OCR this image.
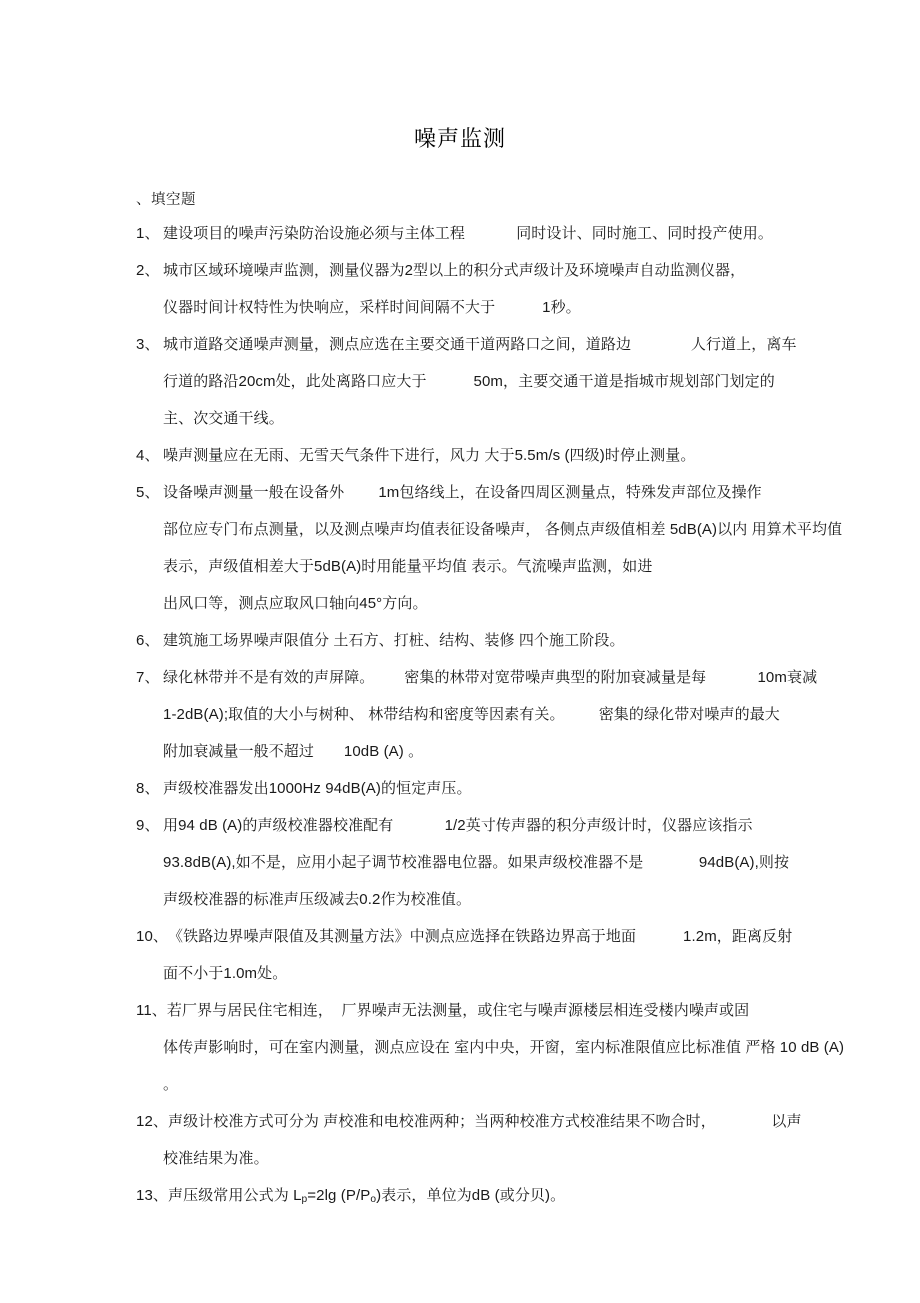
噪声监测
、填空题
1、 建设项目的噪声污染防治设施必须与主体工程            同时设计、同时施工、同时投产使用。
2、 城市区域环境噪声监测，测量仪器为2型以上的积分式声级计及环境噪声自动监测仪器，
仪器时间计权特性为快响应，采样时间间隔不大于           1秒。
3、 城市道路交通噪声测量，测点应选在主要交通干道两路口之间，道路边              人行道上，离车
行道的路沿20cm处，此处离路口应大于           50m，主要交通干道是指城市规划部门划定的
主、次交通干线。
4、 噪声测量应在无雨、无雪天气条件下进行，风力 大于5.5m/s (四级)时停止测量。
5、 设备噪声测量一般在设备外        1m包络线上，在设备四周区测量点，特殊发声部位及操作
部位应专门布点测量，以及测点噪声均值表征设备噪声， 各侧点声级值相差 5dB(A)以内 用算术平均值
表示，声级值相差大于5dB(A)时用能量平均值 表示。气流噪声监测，如进
出风口等，测点应取风口轴向45°方向。
6、 建筑施工场界噪声限值分 土石方、打桩、结构、装修 四个施工阶段。
7、 绿化林带并不是有效的声屏障。       密集的林带对宽带噪声典型的附加衰减量是每            10m衰减
1-2dB(A);取值的大小与树种、 林带结构和密度等因素有关。        密集的绿化带对噪声的最大
附加衰减量一般不超过       10dB (A) 。
8、 声级校准器发出1000Hz 94dB(A)的恒定声压。
9、 用94 dB (A)的声级校准器校准配有            1/2英寸传声器的积分声级计时，仪器应该指示
93.8dB(A),如不是，应用小起子调节校准器电位器。如果声级校准器不是             94dB(A),则按
声级校准器的标准声压级减去0.2作为校准值。
10、《铁路边界噪声限值及其测量方法》中测点应选择在铁路边界高于地面           1.2m，距离反射
面不小于1.0m处。
11、若厂界与居民住宅相连，  厂界噪声无法测量，或住宅与噪声源楼层相连受楼内噪声或固
体传声影响时，可在室内测量，测点应设在 室内中央，开窗，室内标准限值应比标准值 严格 10 dB (A)
。
12、声级计校准方式可分为 声校准和电校准两种；当两种校准方式校准结果不吻合时，             以声
校准结果为准。
13、声压级常用公式为 $L_p=2\lg$ $(P/P_o)$表示，单位为dB (或分贝)。
